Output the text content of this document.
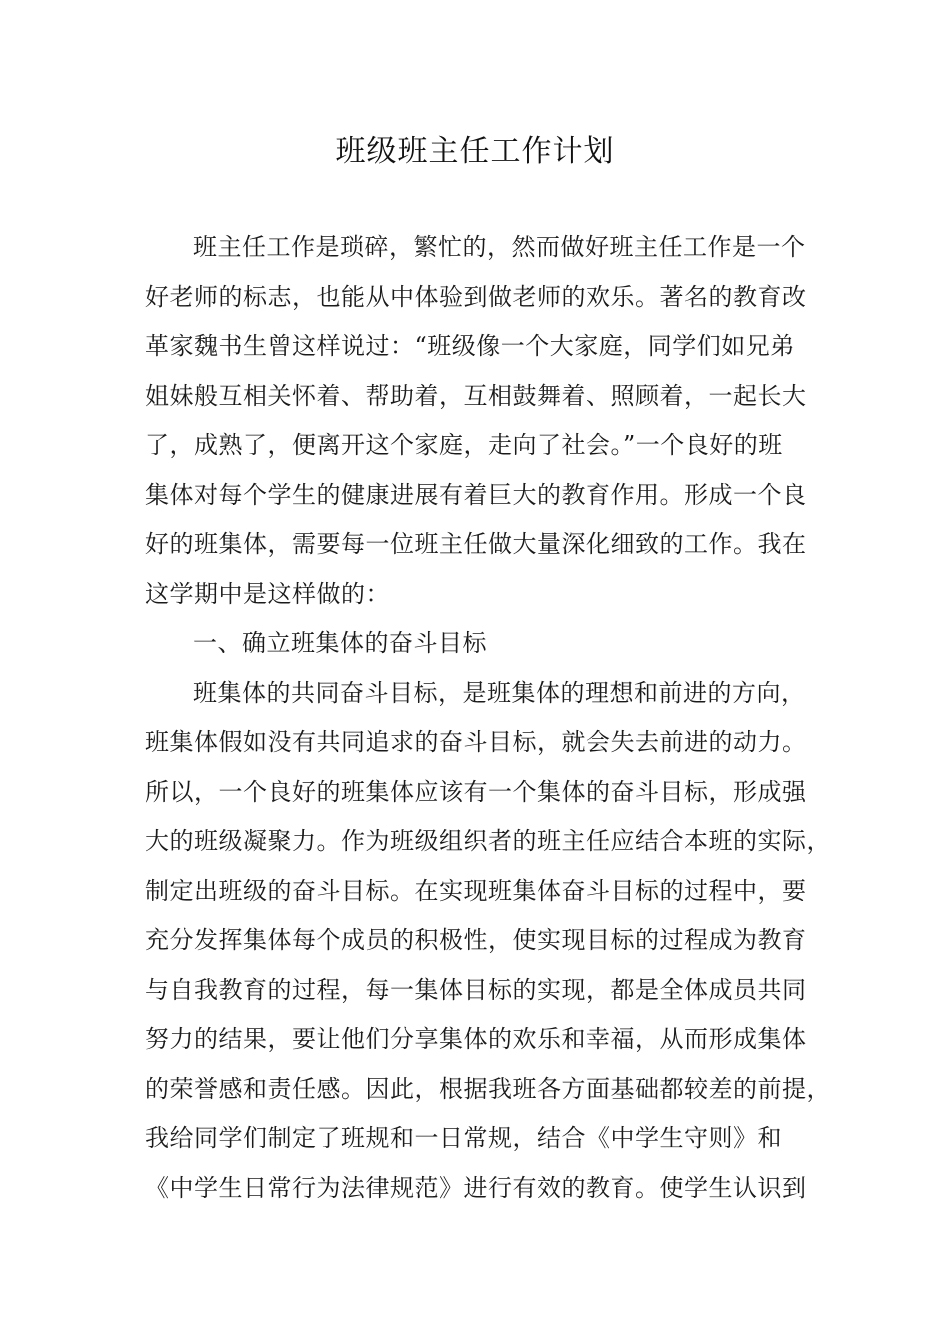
班级班主任工作计划
班主任工作是琐碎，繁忙的，然而做好班主任工作是一个
好老师的标志，也能从中体验到做老师的欢乐。著名的教育改
革家魏书生曾这样说过：“班级像一个大家庭，同学们如兄弟
姐妹般互相关怀着、帮助着，互相鼓舞着、照顾着，一起长大
了，成熟了，便离开这个家庭，走向了社会。”一个良好的班
集体对每个学生的健康进展有着巨大的教育作用。形成一个良
好的班集体，需要每一位班主任做大量深化细致的工作。我在
这学期中是这样做的：
一、确立班集体的奋斗目标
班集体的共同奋斗目标，是班集体的理想和前进的方向，
班集体假如没有共同追求的奋斗目标，就会失去前进的动力。
所以，一个良好的班集体应该有一个集体的奋斗目标，形成强
大的班级凝聚力。作为班级组织者的班主任应结合本班的实际，
制定出班级的奋斗目标。在实现班集体奋斗目标的过程中，要
充分发挥集体每个成员的积极性，使实现目标的过程成为教育
与自我教育的过程，每一集体目标的实现，都是全体成员共同
努力的结果，要让他们分享集体的欢乐和幸福，从而形成集体
的荣誉感和责任感。因此，根据我班各方面基础都较差的前提，
我给同学们制定了班规和一日常规，结合《中学生守则》和
《中学生日常行为法律规范》进行有效的教育。使学生认识到
